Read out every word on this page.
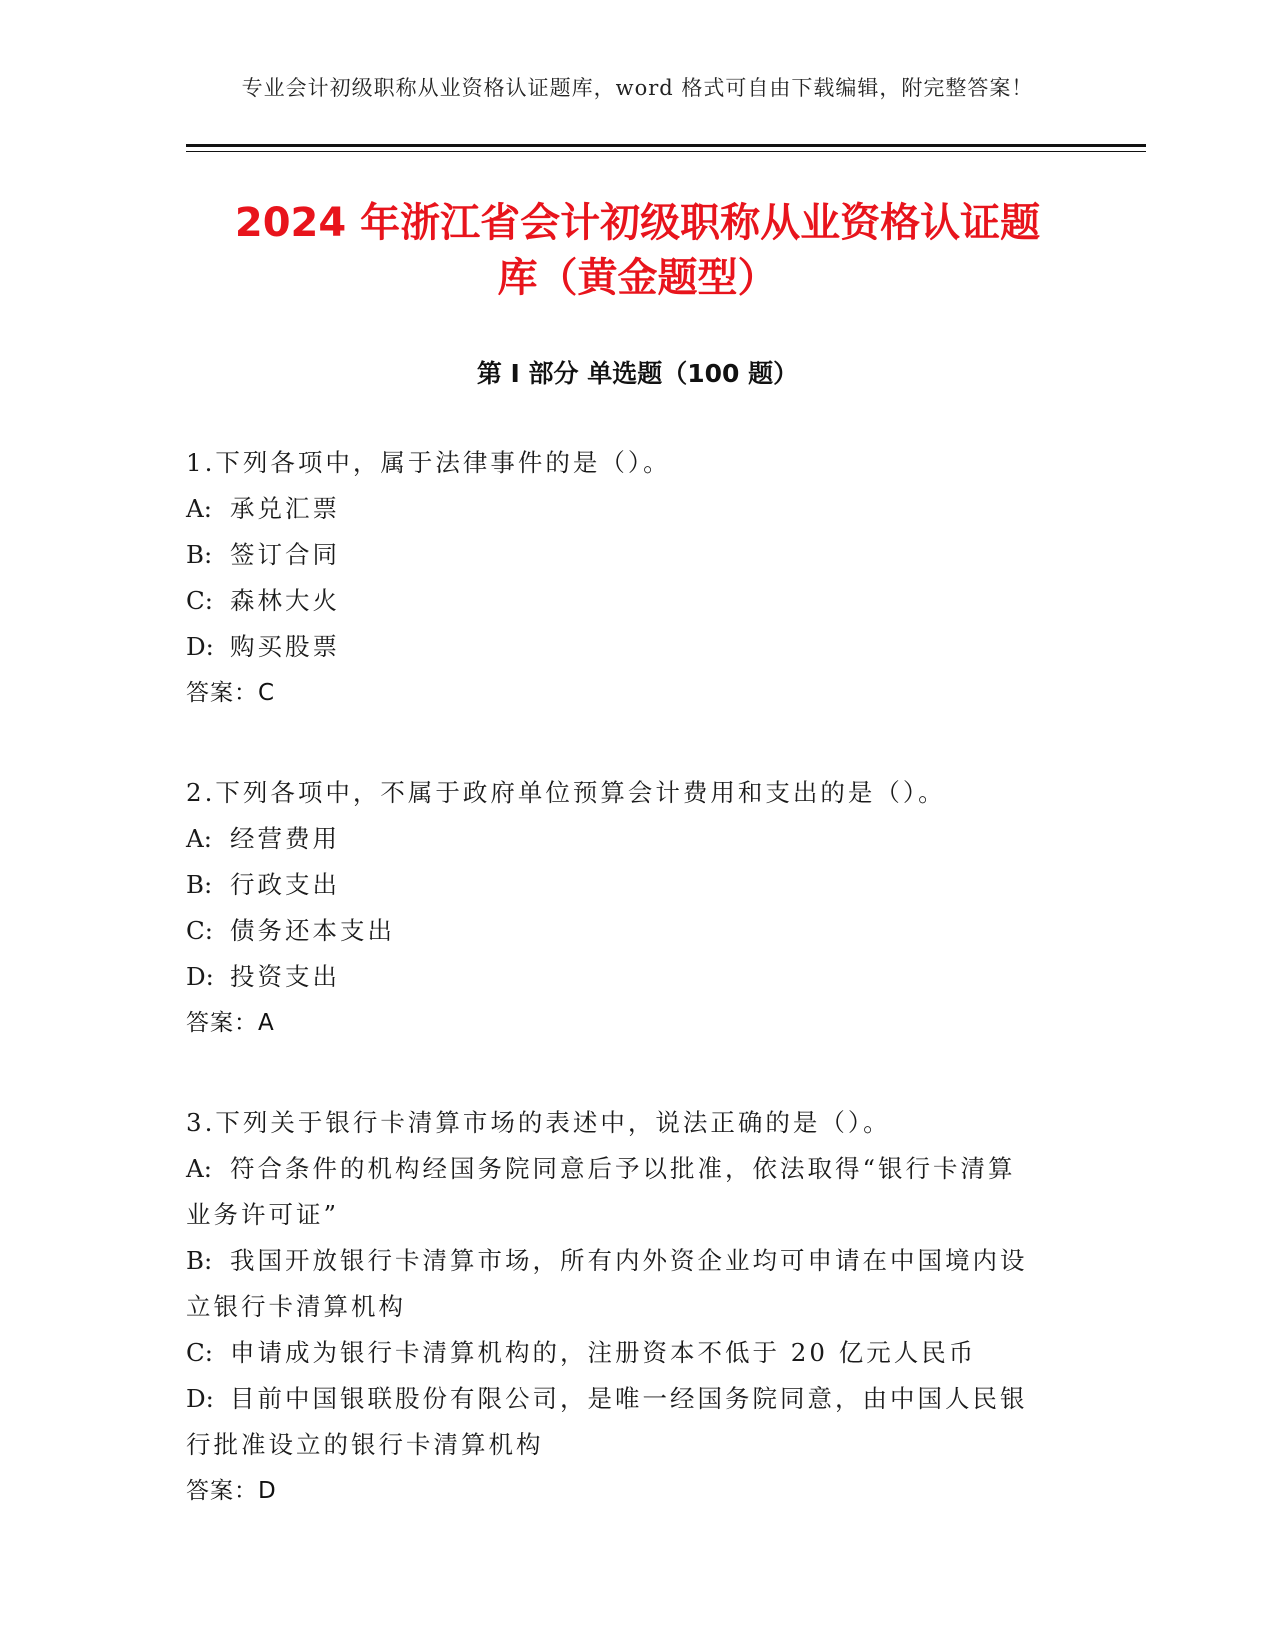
专业会计初级职称从业资格认证题库，word 格式可自由下载编辑，附完整答案！
2024 年浙江省会计初级职称从业资格认证题
库（黄金题型）
第 I 部分 单选题（100 题）
1.下列各项中，属于法律事件的是（）。
A: 承兑汇票
B: 签订合同
C: 森林大火
D: 购买股票
答案：C
2.下列各项中，不属于政府单位预算会计费用和支出的是（）。
A: 经营费用
B: 行政支出
C: 债务还本支出
D: 投资支出
答案：A
3.下列关于银行卡清算市场的表述中，说法正确的是（）。
A: 符合条件的机构经国务院同意后予以批准，依法取得“银行卡清算
业务许可证”
B: 我国开放银行卡清算市场，所有内外资企业均可申请在中国境内设
立银行卡清算机构
C: 申请成为银行卡清算机构的，注册资本不低于 20 亿元人民币
D: 目前中国银联股份有限公司，是唯一经国务院同意，由中国人民银
行批准设立的银行卡清算机构
答案：D
